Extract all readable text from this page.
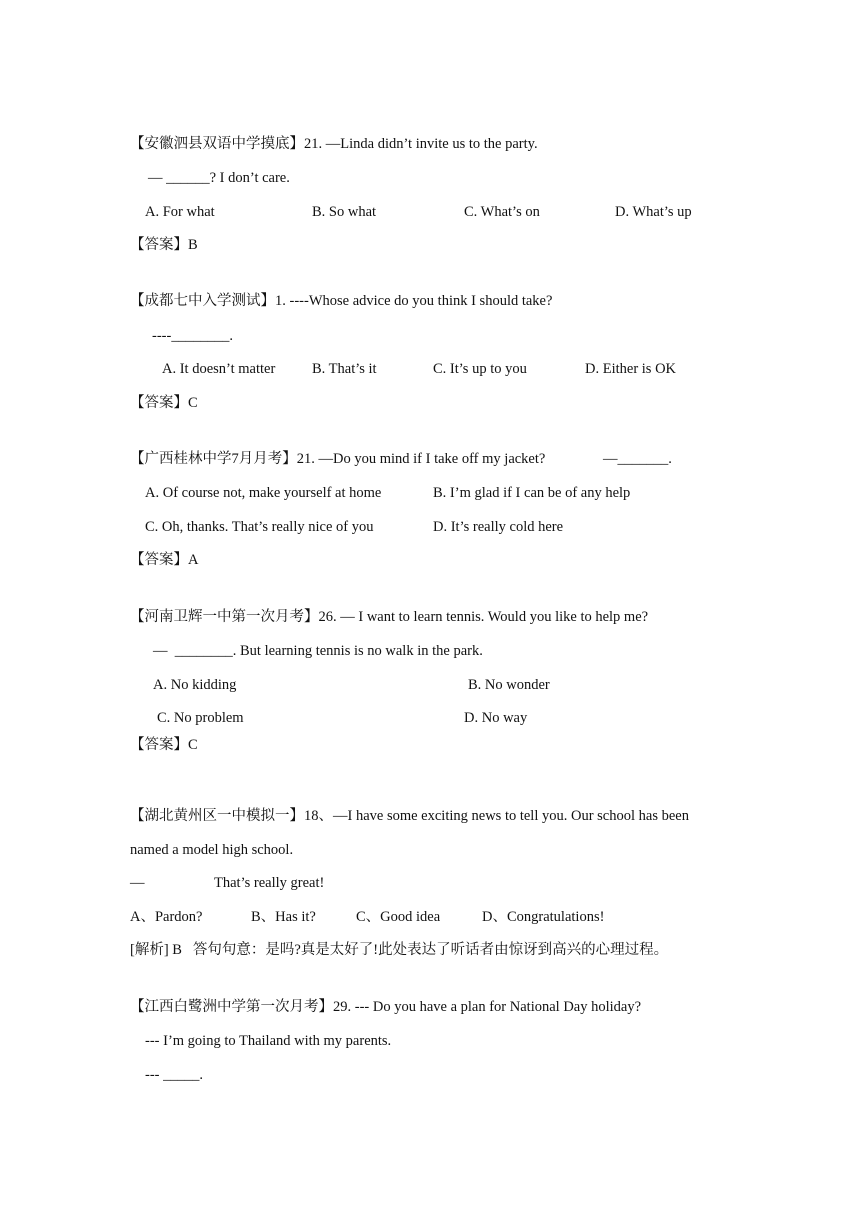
【安徽泗县双语中学摸底】21. —Linda didn’t invite us to the party.
— ______? I don’t care.
A. For what	B. So what	C. What’s on	D. What’s up
【答案】B
【成都七中入学测试】1. ----Whose advice do you think I should take?
----________.
A. It doesn’t matter	B. That’s it	C. It’s up to you	D. Either is OK
【答案】C
【广西桂林中学7月月考】21. —Do you mind if I take off my jacket?	—_______.
A. Of course not, make yourself at home	B. I’m glad if I can be of any help
C. Oh, thanks. That’s really nice of you	D. It’s really cold here
【答案】A
【河南卫辉一中第一次月考】26. — I want to learn tennis. Would you like to help me?
—  ________. But learning tennis is no walk in the park.
A. No kidding	B. No wonder
C. No problem	D. No way
【答案】C
【湖北黄州区一中模拟一】18、—I have some exciting news to tell you. Our school has been
named a model high school.
—	That’s really great!
A、Pardon?	B、Has it?	C、Good idea	D、Congratulations!
[解析] B   答句句意：是吗?真是太好了!此处表达了听话者由惊讶到高兴的心理过程。
【江西白鹭洲中学第一次月考】29. --- Do you have a plan for National Day holiday?
--- I’m going to Thailand with my parents.
--- _____.
